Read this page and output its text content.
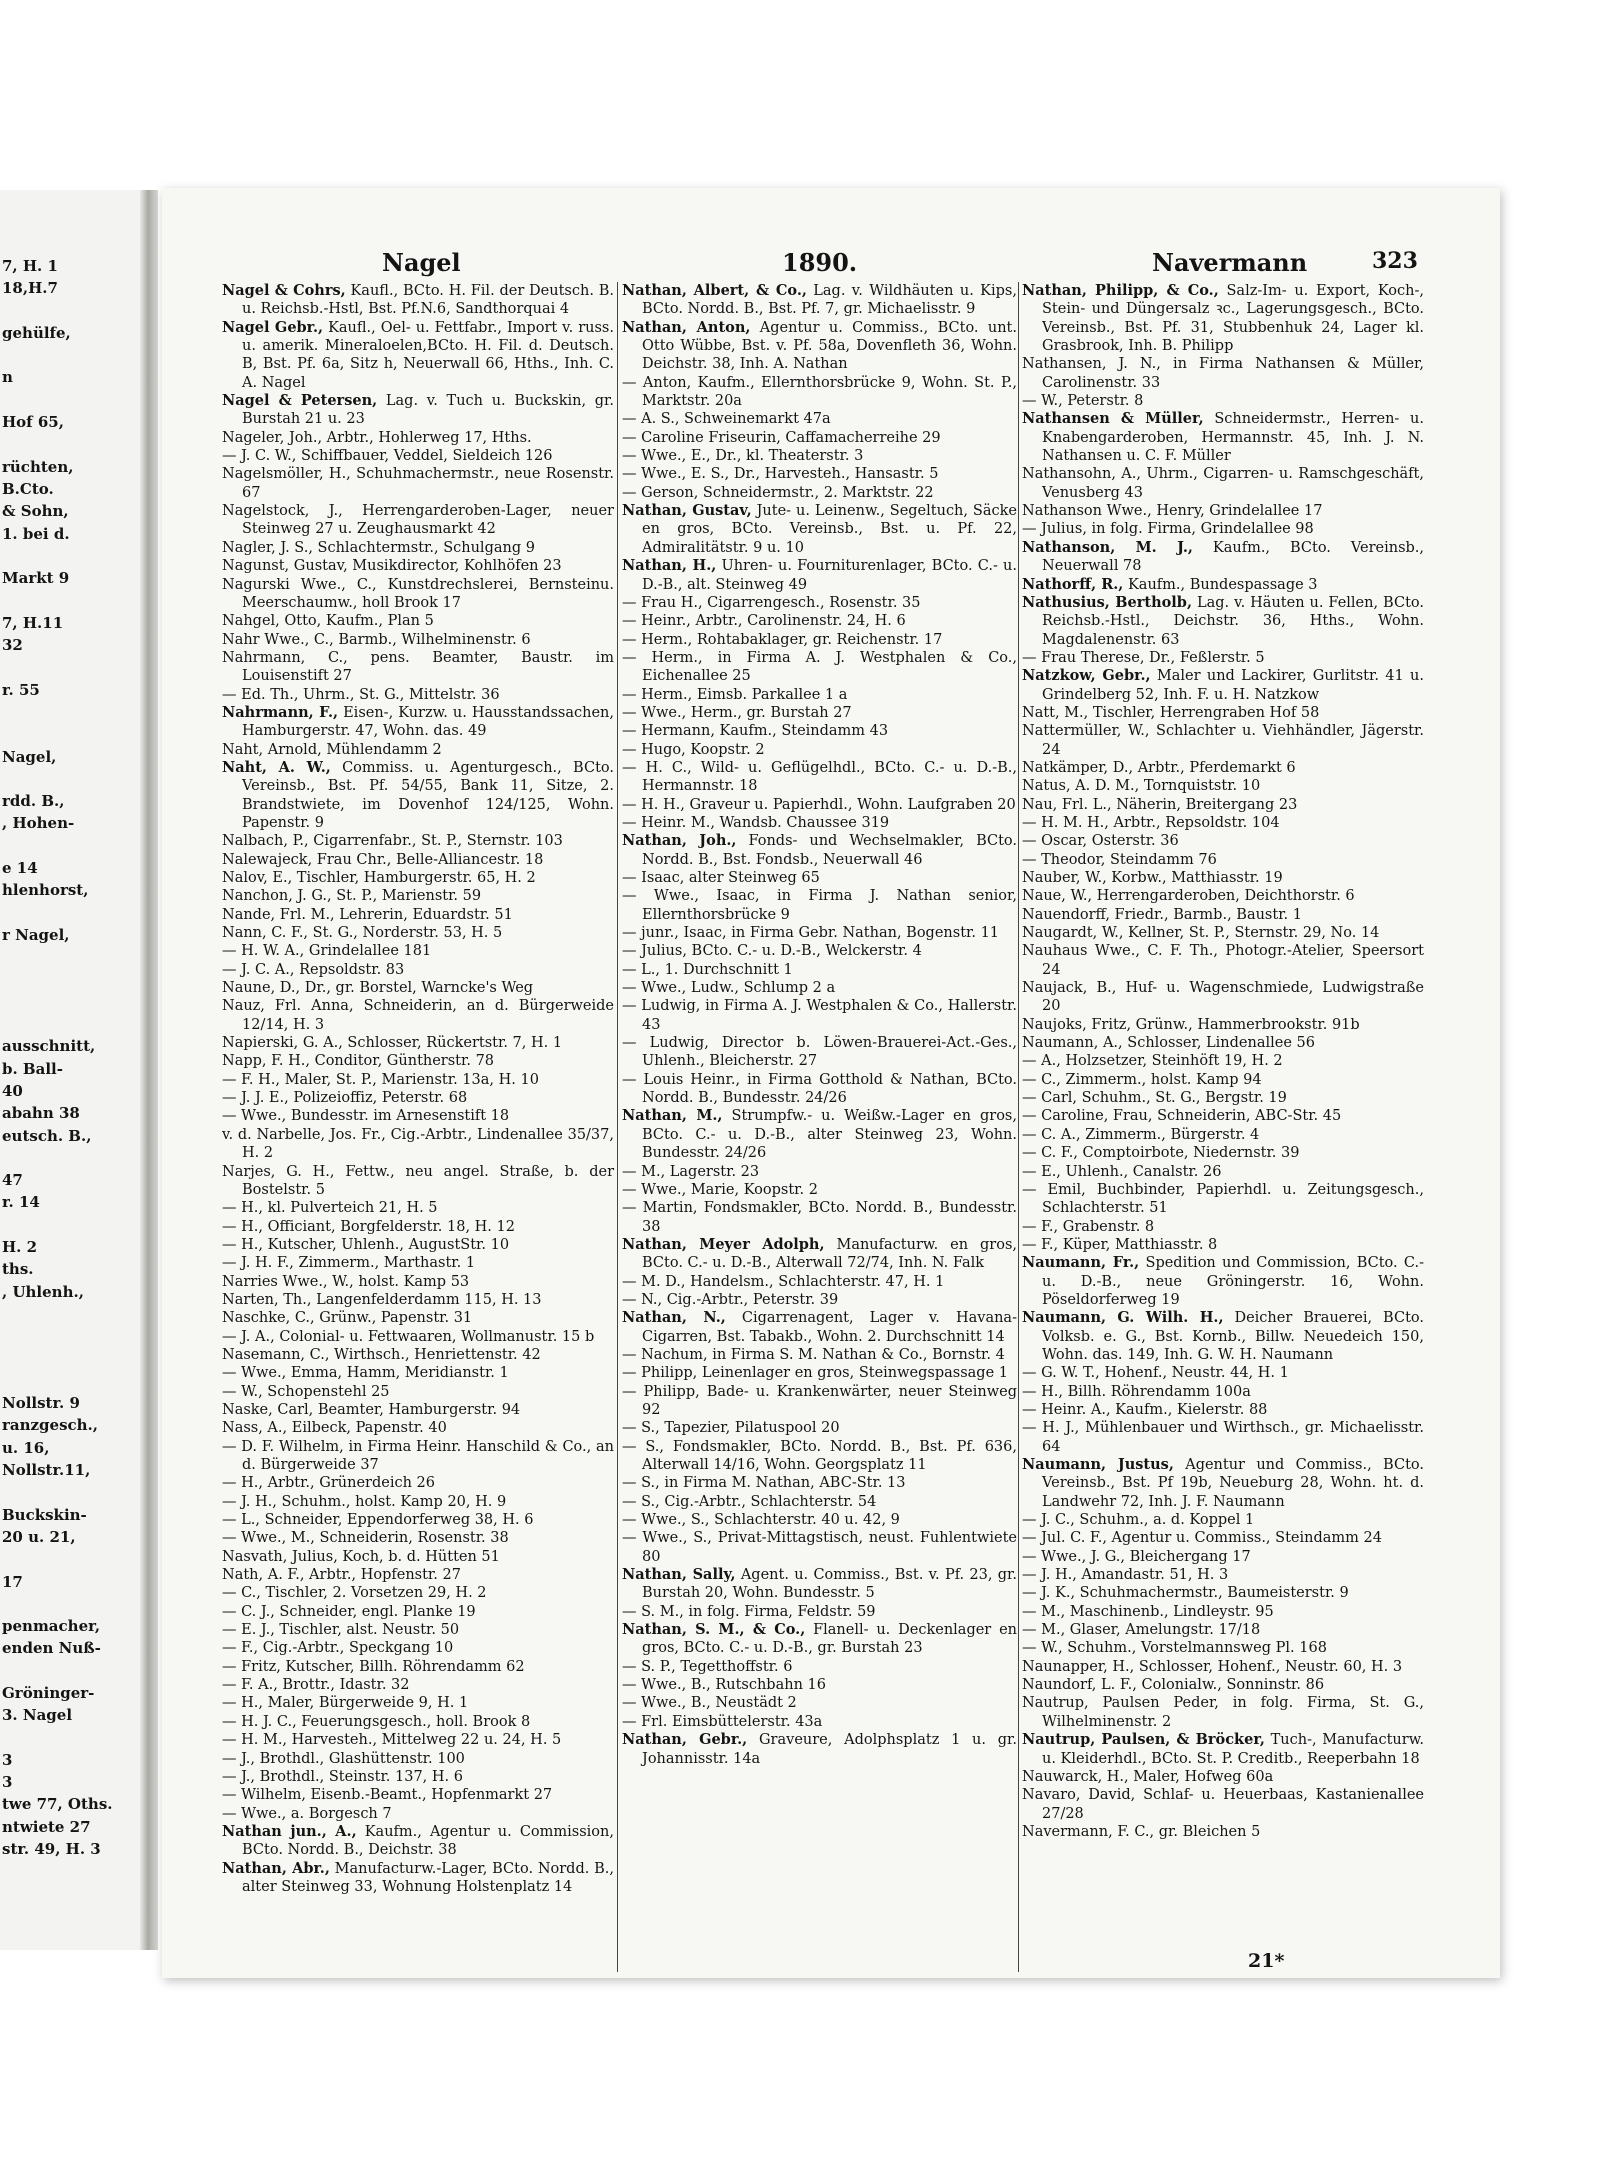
7, H. 1
18,H.7
gehülfe,
n
Hof 65,
rüchten,
B.Cto.
& Sohn,
1. bei d.
Markt 9
7, H.11
32
r. 55
Nagel,
rdd. B.,
, Hohen-
e 14
hlenhorst,
r Nagel,
ausschnitt,
b. Ball-
40
abahn 38
eutsch. B.,
47
r. 14
H. 2
ths.
, Uhlenh.,
Nollstr. 9
ranzgesch.,
u. 16,
Nollstr.11,
Buckskin-
20 u. 21,
17
penmacher,
enden Nuß-
Gröninger-
3. Nagel
3
3
twe 77, Oths.
ntwiete 27
str. 49, H. 3
Nagel	1890.	Navermann	323
Nagel & Cohrs, Kaufl., BCto. H. Fil. der Deutsch. B. u. Reichsb.-Hstl, Bst. Pf.N.6, Sandthorquai 4
Nagel Gebr., Kaufl., Oel- u. Fettfabr., Import v. russ. u. amerik. Mineraloelen,BCto. H. Fil. d. Deutsch. B, Bst. Pf. 6a, Sitz h, Neuerwall 66, Hths., Inh. C. A. Nagel
Nagel & Petersen, Lag. v. Tuch u. Buckskin, gr. Burstah 21 u. 23
Nageler, Joh., Arbtr., Hohlerweg 17, Hths.
— J. C. W., Schiffbauer, Veddel, Sieldeich 126
Nagelsmöller, H., Schuhmachermstr., neue Rosenstr. 67
Nagelstock, J., Herrengarderoben-Lager, neuer Steinweg 27 u. Zeughausmarkt 42
Nagler, J. S., Schlachtermstr., Schulgang 9
Nagunst, Gustav, Musikdirector, Kohlhöfen 23
Nagurski Wwe., C., Kunstdrechslerei, Bernsteinu. Meerschaumw., holl Brook 17
Nahgel, Otto, Kaufm., Plan 5
Nahr Wwe., C., Barmb., Wilhelminenstr. 6
Nahrmann, C., pens. Beamter, Baustr. im Louisenstift 27
— Ed. Th., Uhrm., St. G., Mittelstr. 36
Nahrmann, F., Eisen-, Kurzw. u. Hausstandssachen, Hamburgerstr. 47, Wohn. das. 49
Naht, Arnold, Mühlendamm 2
Naht, A. W., Commiss. u. Agenturgesch., BCto. Vereinsb., Bst. Pf. 54/55, Bank 11, Sitze, 2. Brandstwiete, im Dovenhof 124/125, Wohn. Papenstr. 9
Nalbach, P., Cigarrenfabr., St. P., Sternstr. 103
Nalewajeck, Frau Chr., Belle-Alliancestr. 18
Nalov, E., Tischler, Hamburgerstr. 65, H. 2
Nanchon, J. G., St. P., Marienstr. 59
Nande, Frl. M., Lehrerin, Eduardstr. 51
Nann, C. F., St. G., Norderstr. 53, H. 5
— H. W. A., Grindelallee 181
— J. C. A., Repsoldstr. 83
Naune, D., Dr., gr. Borstel, Warncke's Weg
Nauz, Frl. Anna, Schneiderin, an d. Bürgerweide 12/14, H. 3
Napierski, G. A., Schlosser, Rückertstr. 7, H. 1
Napp, F. H., Conditor, Güntherstr. 78
— F. H., Maler, St. P., Marienstr. 13a, H. 10
— J. J. E., Polizeioffiz, Peterstr. 68
— Wwe., Bundesstr. im Arnesenstift 18
v. d. Narbelle, Jos. Fr., Cig.-Arbtr., Lindenallee 35/37, H. 2
Narjes, G. H., Fettw., neu angel. Straße, b. der Bostelstr. 5
— H., kl. Pulverteich 21, H. 5
— H., Officiant, Borgfelderstr. 18, H. 12
— H., Kutscher, Uhlenh., AugustStr. 10
— J. H. F., Zimmerm., Marthastr. 1
Narries Wwe., W., holst. Kamp 53
Narten, Th., Langenfelderdamm 115, H. 13
Naschke, C., Grünw., Papenstr. 31
— J. A., Colonial- u. Fettwaaren, Wollmanustr. 15 b
Nasemann, C., Wirthsch., Henriettenstr. 42
— Wwe., Emma, Hamm, Meridianstr. 1
— W., Schopenstehl 25
Naske, Carl, Beamter, Hamburgerstr. 94
Nass, A., Eilbeck, Papenstr. 40
— D. F. Wilhelm, in Firma Heinr. Hanschild & Co., an d. Bürgerweide 37
— H., Arbtr., Grünerdeich 26
— J. H., Schuhm., holst. Kamp 20, H. 9
— L., Schneider, Eppendorferweg 38, H. 6
— Wwe., M., Schneiderin, Rosenstr. 38
Nasvath, Julius, Koch, b. d. Hütten 51
Nath, A. F., Arbtr., Hopfenstr. 27
— C., Tischler, 2. Vorsetzen 29, H. 2
— C. J., Schneider, engl. Planke 19
— E. J., Tischler, alst. Neustr. 50
— F., Cig.-Arbtr., Speckgang 10
— Fritz, Kutscher, Billh. Röhrendamm 62
— F. A., Brottr., Idastr. 32
— H., Maler, Bürgerweide 9, H. 1
— H. J. C., Feuerungsgesch., holl. Brook 8
— H. M., Harvesteh., Mittelweg 22 u. 24, H. 5
— J., Brothdl., Glashüttenstr. 100
— J., Brothdl., Steinstr. 137, H. 6
— Wilhelm, Eisenb.-Beamt., Hopfenmarkt 27
— Wwe., a. Borgesch 7
Nathan jun., A., Kaufm., Agentur u. Commission, BCto. Nordd. B., Deichstr. 38
Nathan, Abr., Manufacturw.-Lager, BCto. Nordd. B., alter Steinweg 33, Wohnung Holstenplatz 14
Nathan, Albert, & Co., Lag. v. Wildhäuten u. Kips, BCto. Nordd. B., Bst. Pf. 7, gr. Michaelisstr. 9
Nathan, Anton, Agentur u. Commiss., BCto. unt. Otto Wübbe, Bst. v. Pf. 58a, Dovenfleth 36, Wohn. Deichstr. 38, Inh. A. Nathan
— Anton, Kaufm., Ellernthorsbrücke 9, Wohn. St. P., Marktstr. 20a
— A. S., Schweinemarkt 47a
— Caroline Friseurin, Caffamacherreihe 29
— Wwe., E., Dr., kl. Theaterstr. 3
— Wwe., E. S., Dr., Harvesteh., Hansastr. 5
— Gerson, Schneidermstr., 2. Marktstr. 22
Nathan, Gustav, Jute- u. Leinenw., Segeltuch, Säcke en gros, BCto. Vereinsb., Bst. u. Pf. 22, Admiralitätstr. 9 u. 10
Nathan, H., Uhren- u. Fourniturenlager, BCto. C.- u. D.-B., alt. Steinweg 49
— Frau H., Cigarrengesch., Rosenstr. 35
— Heinr., Arbtr., Carolinenstr. 24, H. 6
— Herm., Rohtabaklager, gr. Reichenstr. 17
— Herm., in Firma A. J. Westphalen & Co., Eichenallee 25
— Herm., Eimsb. Parkallee 1 a
— Wwe., Herm., gr. Burstah 27
— Hermann, Kaufm., Steindamm 43
— Hugo, Koopstr. 2
— H. C., Wild- u. Geflügelhdl., BCto. C.- u. D.-B., Hermannstr. 18
— H. H., Graveur u. Papierhdl., Wohn. Laufgraben 20
— Heinr. M., Wandsb. Chaussee 319
Nathan, Joh., Fonds- und Wechselmakler, BCto. Nordd. B., Bst. Fondsb., Neuerwall 46
— Isaac, alter Steinweg 65
— Wwe., Isaac, in Firma J. Nathan senior, Ellernthorsbrücke 9
— junr., Isaac, in Firma Gebr. Nathan, Bogenstr. 11
— Julius, BCto. C.- u. D.-B., Welckerstr. 4
— L., 1. Durchschnitt 1
— Wwe., Ludw., Schlump 2 a
— Ludwig, in Firma A. J. Westphalen & Co., Hallerstr. 43
— Ludwig, Director b. Löwen-Brauerei-Act.-Ges., Uhlenh., Bleicherstr. 27
— Louis Heinr., in Firma Gotthold & Nathan, BCto. Nordd. B., Bundesstr. 24/26
Nathan, M., Strumpfw.- u. Weißw.-Lager en gros, BCto. C.- u. D.-B., alter Steinweg 23, Wohn. Bundesstr. 24/26
— M., Lagerstr. 23
— Wwe., Marie, Koopstr. 2
— Martin, Fondsmakler, BCto. Nordd. B., Bundesstr. 38
Nathan, Meyer Adolph, Manufacturw. en gros, BCto. C.- u. D.-B., Alterwall 72/74, Inh. N. Falk
— M. D., Handelsm., Schlachterstr. 47, H. 1
— N., Cig.-Arbtr., Peterstr. 39
Nathan, N., Cigarrenagent, Lager v. Havana-Cigarren, Bst. Tabakb., Wohn. 2. Durchschnitt 14
— Nachum, in Firma S. M. Nathan & Co., Bornstr. 4
— Philipp, Leinenlager en gros, Steinwegspassage 1
— Philipp, Bade- u. Krankenwärter, neuer Steinweg 92
— S., Tapezier, Pilatuspool 20
— S., Fondsmakler, BCto. Nordd. B., Bst. Pf. 636, Alterwall 14/16, Wohn. Georgsplatz 11
— S., in Firma M. Nathan, ABC-Str. 13
— S., Cig.-Arbtr., Schlachterstr. 54
— Wwe., S., Schlachterstr. 40 u. 42, 9
— Wwe., S., Privat-Mittagstisch, neust. Fuhlentwiete 80
Nathan, Sally, Agent. u. Commiss., Bst. v. Pf. 23, gr. Burstah 20, Wohn. Bundesstr. 5
— S. M., in folg. Firma, Feldstr. 59
Nathan, S. M., & Co., Flanell- u. Deckenlager en gros, BCto. C.- u. D.-B., gr. Burstah 23
— S. P., Tegetthoffstr. 6
— Wwe., B., Rutschbahn 16
— Wwe., B., Neustädt 2
— Frl. Eimsbüttelerstr. 43a
Nathan, Gebr., Graveure, Adolphsplatz 1 u. gr. Johannisstr. 14a
Nathan, Philipp, & Co., Salz-Im- u. Export, Koch-, Stein- und Düngersalz ꝛc., Lagerungsgesch., BCto. Vereinsb., Bst. Pf. 31, Stubbenhuk 24, Lager kl. Grasbrook, Inh. B. Philipp
Nathansen, J. N., in Firma Nathansen & Müller, Carolinenstr. 33
— W., Peterstr. 8
Nathansen & Müller, Schneidermstr., Herren- u. Knabengarderoben, Hermannstr. 45, Inh. J. N. Nathansen u. C. F. Müller
Nathansohn, A., Uhrm., Cigarren- u. Ramschgeschäft, Venusberg 43
Nathanson Wwe., Henry, Grindelallee 17
— Julius, in folg. Firma, Grindelallee 98
Nathanson, M. J., Kaufm., BCto. Vereinsb., Neuerwall 78
Nathorff, R., Kaufm., Bundespassage 3
Nathusius, Bertholb, Lag. v. Häuten u. Fellen, BCto. Reichsb.-Hstl., Deichstr. 36, Hths., Wohn. Magdalenenstr. 63
— Frau Therese, Dr., Feßlerstr. 5
Natzkow, Gebr., Maler und Lackirer, Gurlitstr. 41 u. Grindelberg 52, Inh. F. u. H. Natzkow
Natt, M., Tischler, Herrengraben Hof 58
Nattermüller, W., Schlachter u. Viehhändler, Jägerstr. 24
Natkämper, D., Arbtr., Pferdemarkt 6
Natus, A. D. M., Tornquiststr. 10
Nau, Frl. L., Näherin, Breitergang 23
— H. M. H., Arbtr., Repsoldstr. 104
— Oscar, Osterstr. 36
— Theodor, Steindamm 76
Nauber, W., Korbw., Matthiasstr. 19
Naue, W., Herrengarderoben, Deichthorstr. 6
Nauendorff, Friedr., Barmb., Baustr. 1
Naugardt, W., Kellner, St. P., Sternstr. 29, No. 14
Nauhaus Wwe., C. F. Th., Photogr.-Atelier, Speersort 24
Naujack, B., Huf- u. Wagenschmiede, Ludwigstraße 20
Naujoks, Fritz, Grünw., Hammerbrookstr. 91b
Naumann, A., Schlosser, Lindenallee 56
— A., Holzsetzer, Steinhöft 19, H. 2
— C., Zimmerm., holst. Kamp 94
— Carl, Schuhm., St. G., Bergstr. 19
— Caroline, Frau, Schneiderin, ABC-Str. 45
— C. A., Zimmerm., Bürgerstr. 4
— C. F., Comptoirbote, Niedernstr. 39
— E., Uhlenh., Canalstr. 26
— Emil, Buchbinder, Papierhdl. u. Zeitungsgesch., Schlachterstr. 51
— F., Grabenstr. 8
— F., Küper, Matthiasstr. 8
Naumann, Fr., Spedition und Commission, BCto. C.- u. D.-B., neue Gröningerstr. 16, Wohn. Pöseldorferweg 19
Naumann, G. Wilh. H., Deicher Brauerei, BCto. Volksb. e. G., Bst. Kornb., Billw. Neuedeich 150, Wohn. das. 149, Inh. G. W. H. Naumann
— G. W. T., Hohenf., Neustr. 44, H. 1
— H., Billh. Röhrendamm 100a
— Heinr. A., Kaufm., Kielerstr. 88
— H. J., Mühlenbauer und Wirthsch., gr. Michaelisstr. 64
Naumann, Justus, Agentur und Commiss., BCto. Vereinsb., Bst. Pf 19b, Neueburg 28, Wohn. ht. d. Landwehr 72, Inh. J. F. Naumann
— J. C., Schuhm., a. d. Koppel 1
— Jul. C. F., Agentur u. Commiss., Steindamm 24
— Wwe., J. G., Bleichergang 17
— J. H., Amandastr. 51, H. 3
— J. K., Schuhmachermstr., Baumeisterstr. 9
— M., Maschinenb., Lindleystr. 95
— M., Glaser, Amelungstr. 17/18
— W., Schuhm., Vorstelmannsweg Pl. 168
Naunapper, H., Schlosser, Hohenf., Neustr. 60, H. 3
Naundorf, L. F., Colonialw., Sonninstr. 86
Nautrup, Paulsen Peder, in folg. Firma, St. G., Wilhelminenstr. 2
Nautrup, Paulsen, & Bröcker, Tuch-, Manufacturw. u. Kleiderhdl., BCto. St. P. Creditb., Reeperbahn 18
Nauwarck, H., Maler, Hofweg 60a
Navaro, David, Schlaf- u. Heuerbaas, Kastanienallee 27/28
Navermann, F. C., gr. Bleichen 5
21*
